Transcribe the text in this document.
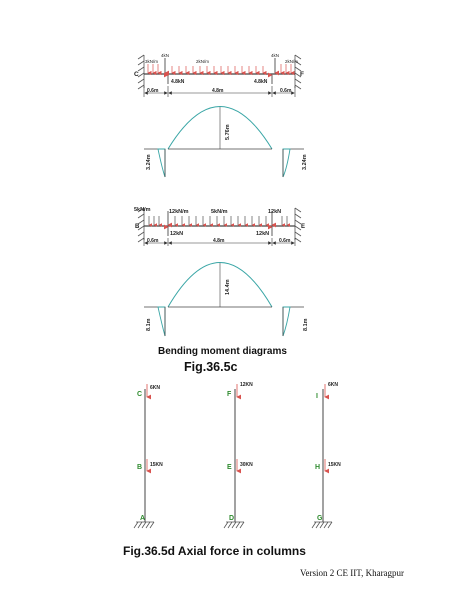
C	F
3kN/m
4kN
2kN/m
4kN
2kN/m
4.8kN	4.8kN
0.6m	4.8m	0.6m
5.76m
3.24m	3.24m
B	E
5kN/m	12kN/m	5kN/m	12kN
12kN	12kN
0.6m	4.8m	0.6m
14.4m
8.1m	8.1m
C
6KN
B 15KN
A
F
12KN
E 30KN
D
I
6KN
H 15KN
G

Bending moment diagrams

Fig.36.5c

Fig.36.5d Axial force in columns

Version 2 CE IIT, Kharagpur
